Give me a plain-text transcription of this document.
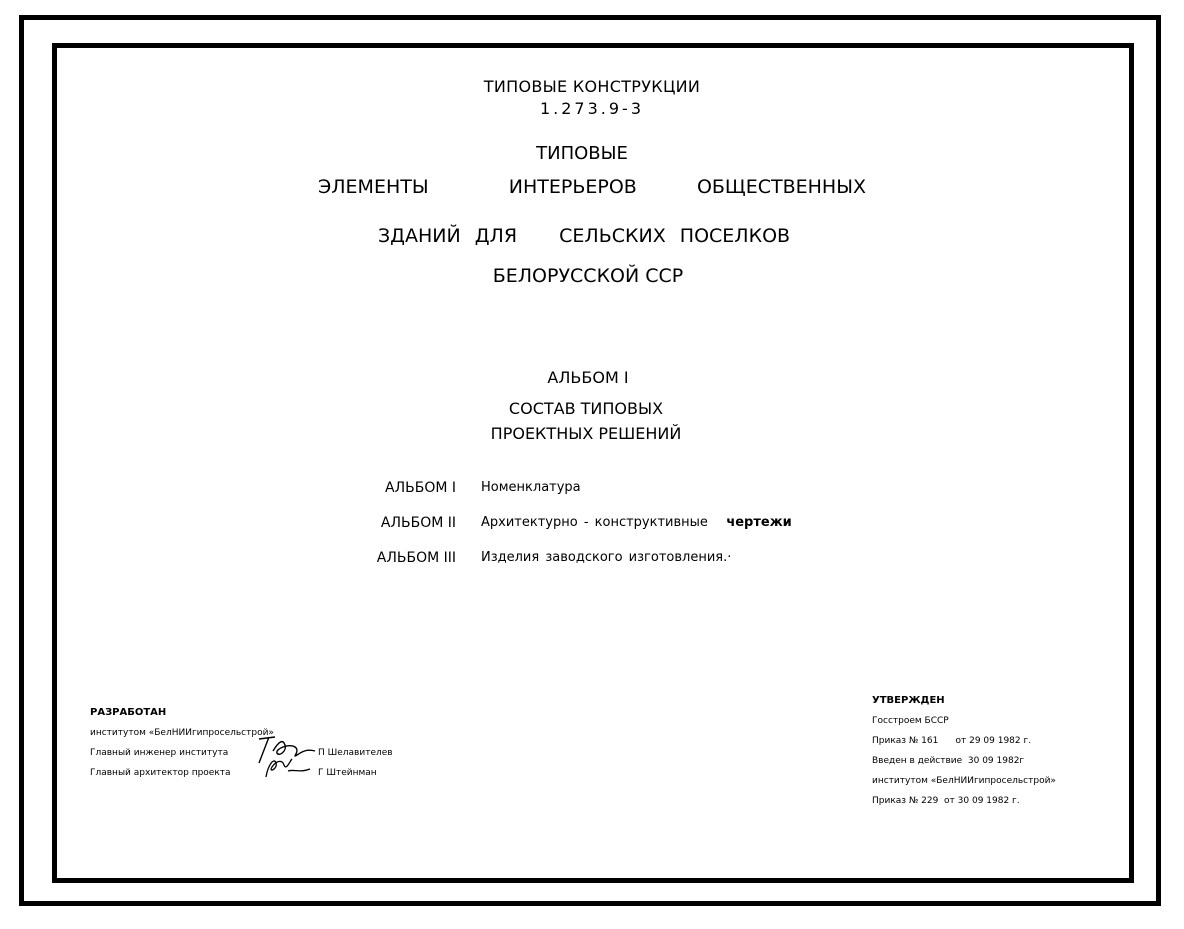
ТИПОВЫЕ КОНСТРУКЦИИ
1.273.9-3
ТИПОВЫЕ
ЭЛЕМЕНТЫ    ИНТЕРЬЕРОВ   ОБЩЕСТВЕННЫХ
ЗДАНИЙ ДЛЯ   СЕЛЬСКИХ ПОСЕЛКОВ
БЕЛОРУССКОЙ ССР
АЛЬБОМ I
СОСТАВ ТИПОВЫХ
ПРОЕКТНЫХ РЕШЕНИЙ
АЛЬБОМ I Номенклатура
АЛЬБОМ II Архитектурно - конструктивные чертежи
АЛЬБОМ III Изделия заводского изготовления.·
РАЗРАБОТАН
институтом «БелНИИгипросельстрой»
Главный инженер института	П Шелавителев
Главный архитектор проекта	Г Штейнман
УТВЕРЖДЕН
Госстроем БССР
Приказ № 161      от 29 09 1982 г.
Введен в действие  30 09 1982г
институтом «БелНИИгипросельстрой»
Приказ № 229  от 30 09 1982 г.
